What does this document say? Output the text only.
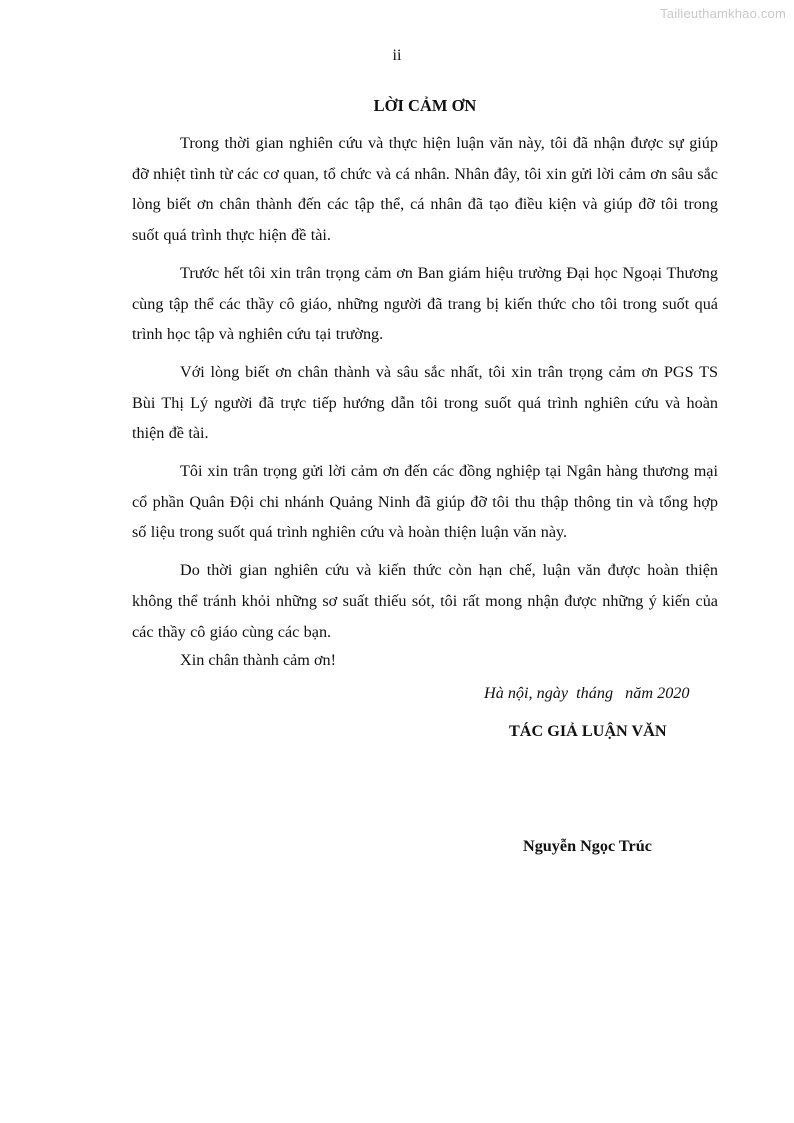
Tailieuthamkhao.com
ii
LỜI CẢM ƠN

Trong thời gian nghiên cứu và thực hiện luận văn này, tôi đã nhận được sự giúp đỡ nhiệt tình từ các cơ quan, tổ chức và cá nhân. Nhân đây, tôi xin gửi lời cảm ơn sâu sắc lòng biết ơn chân thành đến các tập thể, cá nhân đã tạo điều kiện và giúp đỡ tôi trong suốt quá trình thực hiện đề tài.

Trước hết tôi xin trân trọng cảm ơn Ban giám hiệu trường Đại học Ngoại Thương cùng tập thể các thầy cô giáo, những người đã trang bị kiến thức cho tôi trong suốt quá trình học tập và nghiên cứu tại trường.

Với lòng biết ơn chân thành và sâu sắc nhất, tôi xin trân trọng cảm ơn PGS TS Bùi Thị Lý người đã trực tiếp hướng dẫn tôi trong suốt quá trình nghiên cứu và hoàn thiện đề tài.

Tôi xin trân trọng gửi lời cảm ơn đến các đồng nghiệp tại Ngân hàng thương mại cổ phần Quân Đội chi nhánh Quảng Ninh đã giúp đỡ tôi thu thập thông tin và tổng hợp số liệu trong suốt quá trình nghiên cứu và hoàn thiện luận văn này.

Do thời gian nghiên cứu và kiến thức còn hạn chế, luận văn được hoàn thiện không thể tránh khỏi những sơ suất thiếu sót, tôi rất mong nhận được những ý kiến của các thầy cô giáo cùng các bạn.

Xin chân thành cảm ơn!
Hà nội, ngày  tháng   năm 2020
TÁC GIẢ LUẬN VĂN
Nguyễn Ngọc Trúc
